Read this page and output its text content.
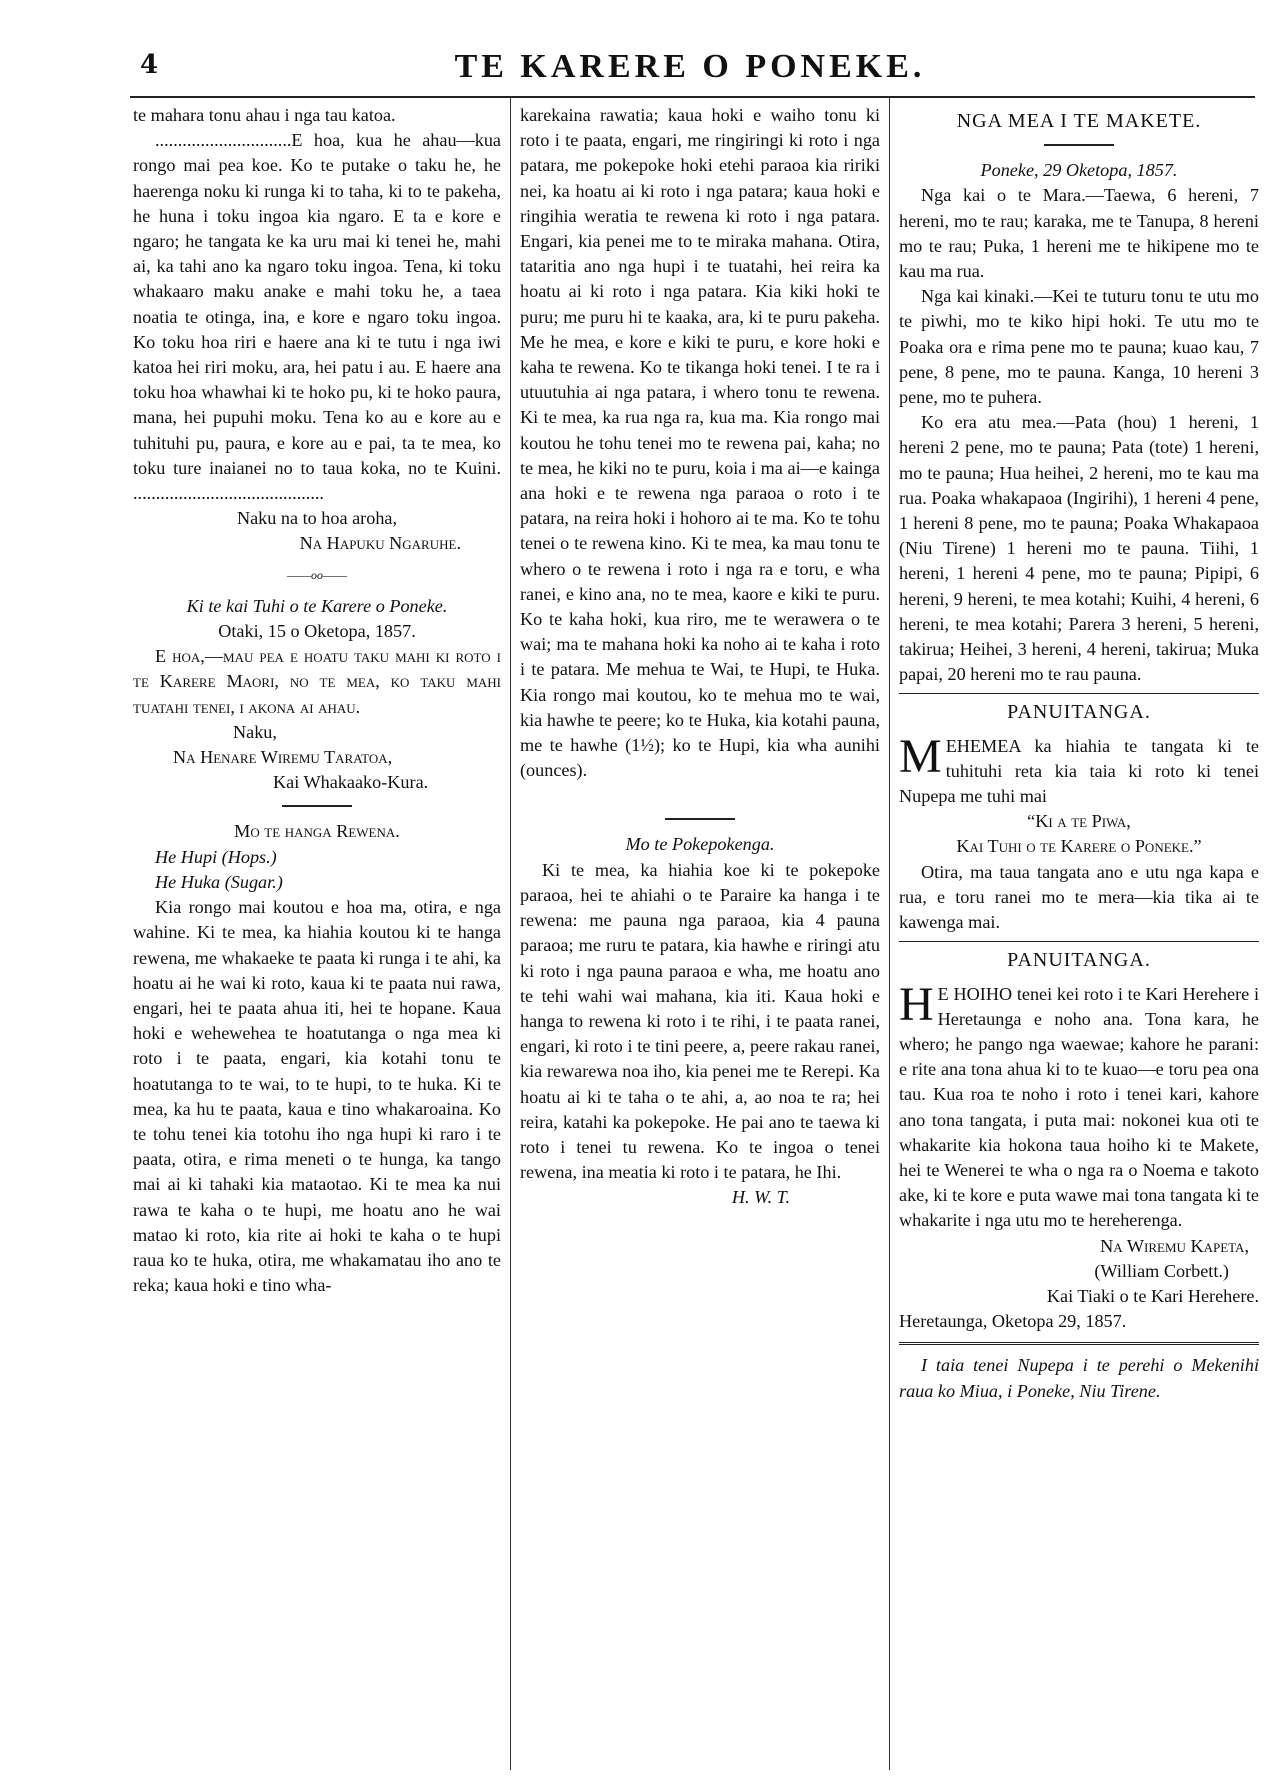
4	TE KARERE O PONEKE.

te mahara tonu ahau i nga tau katoa.

..............................E hoa, kua he ahau—kua rongo mai pea koe. Ko te putake o taku he, he haerenga noku ki runga ki to taha, ki to te pakeha, he huna i toku ingoa kia ngaro. E ta e kore e ngaro; he tangata ke ka uru mai ki tenei he, mahi ai, ka tahi ano ka ngaro toku ingoa. Tena, ki toku whakaaro maku anake e mahi toku he, a taea noatia te otinga, ina, e kore e ngaro toku ingoa. Ko toku hoa riri e haere ana ki te tutu i nga iwi katoa hei riri moku, ara, hei patu i au. E haere ana toku hoa whawhai ki te hoko pu, ki te hoko paura, mana, hei pupuhi moku. Tena ko au e kore au e tuhituhi pu, paura, e kore au e pai, ta te mea, ko toku ture inaianei no to taua koka, no te Kuini. ..........................................

Naku na to hoa aroha,

Na Hapuku Ngaruhe.

——oo——

Ki te kai Tuhi o te Karere o Poneke.

Otaki, 15 o Oketopa, 1857.

E hoa,—mau pea e hoatu taku mahi ki roto i te Karere Maori, no te mea, ko taku mahi tuatahi tenei, i akona ai ahau.

Naku,

Na Henare Wiremu Taratoa,

Kai Whakaako-Kura.

Mo te hanga Rewena.

He Hupi (Hops.)

He Huka (Sugar.)

Kia rongo mai koutou e hoa ma, otira, e nga wahine. Ki te mea, ka hiahia koutou ki te hanga rewena, me whakaeke te paata ki runga i te ahi, ka hoatu ai he wai ki roto, kaua ki te paata nui rawa, engari, hei te paata ahua iti, hei te hopane. Kaua hoki e wehewehea te hoatutanga o nga mea ki roto i te paata, engari, kia kotahi tonu te hoatutanga to te wai, to te hupi, to te huka. Ki te mea, ka hu te paata, kaua e tino whakaroaina. Ko te tohu tenei kia totohu iho nga hupi ki raro i te paata, otira, e rima meneti o te hunga, ka tango mai ai ki tahaki kia mataotao. Ki te mea ka nui rawa te kaha o te hupi, me hoatu ano he wai matao ki roto, kia rite ai hoki te kaha o te hupi raua ko te huka, otira, me whakamatau iho ano te reka; kaua hoki e tino wha-

karekaina rawatia; kaua hoki e waiho tonu ki roto i te paata, engari, me ringiringi ki roto i nga patara, me pokepoke hoki etehi paraoa kia ririki nei, ka hoatu ai ki roto i nga patara; kaua hoki e ringihia weratia te rewena ki roto i nga patara. Engari, kia penei me to te miraka mahana. Otira, tataritia ano nga hupi i te tuatahi, hei reira ka hoatu ai ki roto i nga patara. Kia kiki hoki te puru; me puru hi te kaaka, ara, ki te puru pakeha. Me he mea, e kore e kiki te puru, e kore hoki e kaha te rewena. Ko te tikanga hoki tenei. I te ra i utuutuhia ai nga patara, i whero tonu te rewena. Ki te mea, ka rua nga ra, kua ma. Kia rongo mai koutou he tohu tenei mo te rewena pai, kaha; no te mea, he kiki no te puru, koia i ma ai—e kainga ana hoki e te rewena nga paraoa o roto i te patara, na reira hoki i hohoro ai te ma. Ko te tohu tenei o te rewena kino. Ki te mea, ka mau tonu te whero o te rewena i roto i nga ra e toru, e wha ranei, e kino ana, no te mea, kaore e kiki te puru. Ko te kaha hoki, kua riro, me te werawera o te wai; ma te mahana hoki ka noho ai te kaha i roto i te patara. Me mehua te Wai, te Hupi, te Huka. Kia rongo mai koutou, ko te mehua mo te wai, kia hawhe te peere; ko te Huka, kia kotahi pauna, me te hawhe (1½); ko te Hupi, kia wha aunihi (ounces).

Mo te Pokepokenga.

Ki te mea, ka hiahia koe ki te pokepoke paraoa, hei te ahiahi o te Paraire ka hanga i te rewena: me pauna nga paraoa, kia 4 pauna paraoa; me ruru te patara, kia hawhe e riringi atu ki roto i nga pauna paraoa e wha, me hoatu ano te tehi wahi wai mahana, kia iti. Kaua hoki e hanga to rewena ki roto i te rihi, i te paata ranei, engari, ki roto i te tini peere, a, peere rakau ranei, kia rewarewa noa iho, kia penei me te Rerepi. Ka hoatu ai ki te taha o te ahi, a, ao noa te ra; hei reira, katahi ka pokepoke. He pai ano te taewa ki roto i tenei tu rewena. Ko te ingoa o tenei rewena, ina meatia ki roto i te patara, he Ihi.

H. W. T.

NGA MEA I TE MAKETE.

Poneke, 29 Oketopa, 1857.

Nga kai o te Mara.—Taewa, 6 hereni, 7 hereni, mo te rau; karaka, me te Tanupa, 8 hereni mo te rau; Puka, 1 hereni me te hikipene mo te kau ma rua.

Nga kai kinaki.—Kei te tuturu tonu te utu mo te piwhi, mo te kiko hipi hoki. Te utu mo te Poaka ora e rima pene mo te pauna; kuao kau, 7 pene, 8 pene, mo te pauna. Kanga, 10 hereni 3 pene, mo te puhera.

Ko era atu mea.—Pata (hou) 1 hereni, 1 hereni 2 pene, mo te pauna; Pata (tote) 1 hereni, mo te pauna; Hua heihei, 2 hereni, mo te kau ma rua. Poaka whakapaoa (Ingirihi), 1 hereni 4 pene, 1 hereni 8 pene, mo te pauna; Poaka Whakapaoa (Niu Tirene) 1 hereni mo te pauna. Tiihi, 1 hereni, 1 hereni 4 pene, mo te pauna; Pipipi, 6 hereni, 9 hereni, te mea kotahi; Kuihi, 4 hereni, 6 hereni, te mea kotahi; Parera 3 hereni, 5 hereni, takirua; Heihei, 3 hereni, 4 hereni, takirua; Muka papai, 20 hereni mo te rau pauna.

PANUITANGA.

MEHEMEA ka hiahia te tangata ki te tuhituhi reta kia taia ki roto ki tenei Nupepa me tuhi mai

“Ki a te Piwa,

Kai Tuhi o te Karere o Poneke.”

Otira, ma taua tangata ano e utu nga kapa e rua, e toru ranei mo te mera—kia tika ai te kawenga mai.

PANUITANGA.

H E HOIHO tenei kei roto i te Kari Herehere i Heretaunga e noho ana. Tona kara, he whero; he pango nga waewae; kahore he parani: e rite ana tona ahua ki to te kuao—e toru pea ona tau. Kua roa te noho i roto i tenei kari, kahore ano tona tangata, i puta mai: nokonei kua oti te whakarite kia hokona taua hoihо ki te Makete, hei te Wenerei te wha o nga ra o Noema e takoto ake, ki te kore e puta wawe mai tona tangata ki te whakarite i nga utu mo te hereherenga.

Na Wiremu Kapeta,

(William Corbett.)

Kai Tiaki o te Kari Herehere.

Heretaunga, Oketopa 29, 1857.

I taia tenei Nupepa i te perehi o Mekenihi raua ko Miua, i Poneke, Niu Tirene.
